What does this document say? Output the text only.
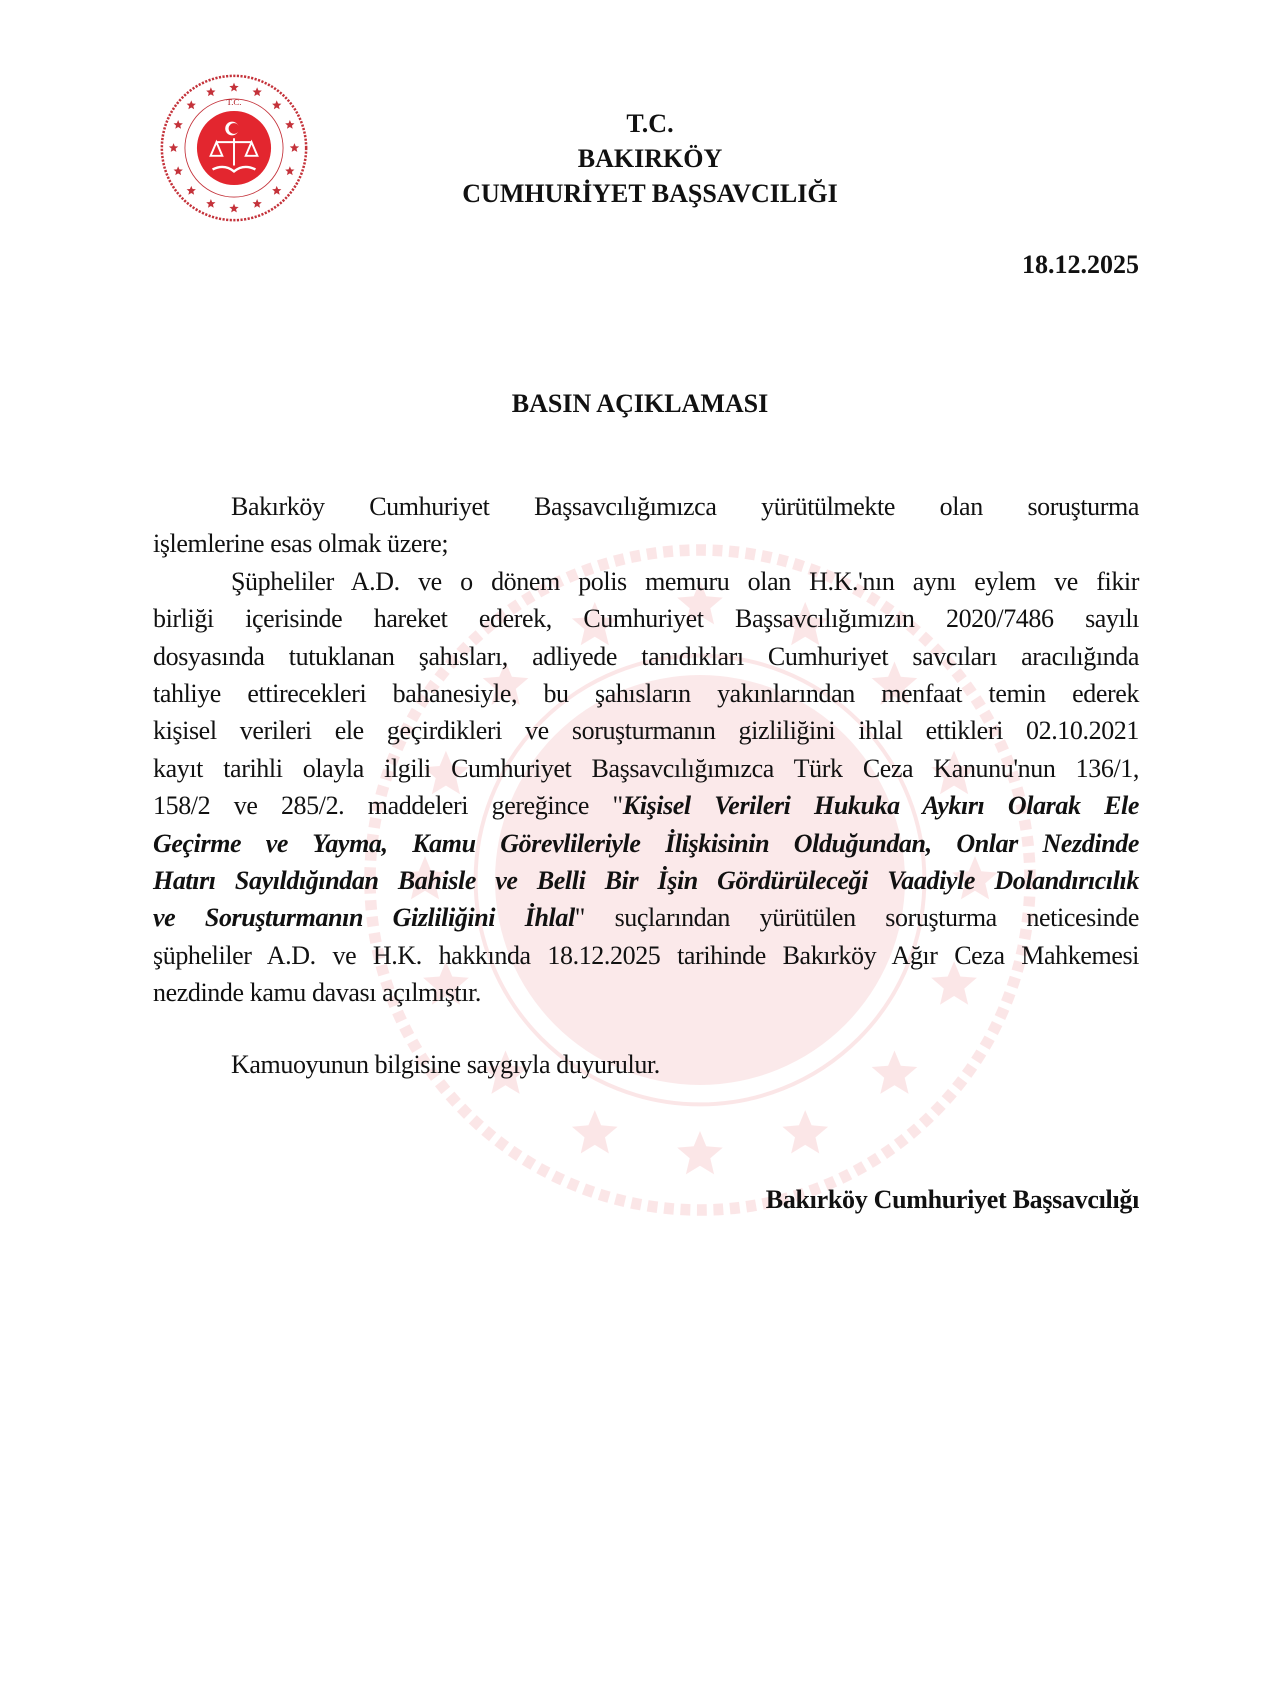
T.C.
T.C.
BAKIRKÖY
CUMHURİYET BAŞSAVCILIĞI
18.12.2025
BASIN AÇIKLAMASI
Bakırköy Cumhuriyet Başsavcılığımızca yürütülmekte olan soruşturma
işlemlerine esas olmak üzere;
Şüpheliler A.D. ve o dönem polis memuru olan H.K.'nın aynı eylem ve fikir
birliği içerisinde hareket ederek, Cumhuriyet Başsavcılığımızın 2020/7486 sayılı
dosyasında tutuklanan şahısları, adliyede tanıdıkları Cumhuriyet savcıları aracılığında
tahliye ettirecekleri bahanesiyle, bu şahısların yakınlarından menfaat temin ederek
kişisel verileri ele geçirdikleri ve soruşturmanın gizliliğini ihlal ettikleri 02.10.2021
kayıt tarihli olayla ilgili Cumhuriyet Başsavcılığımızca Türk Ceza Kanunu'nun 136/1,
158/2 ve 285/2. maddeleri gereğince "Kişisel Verileri Hukuka Aykırı Olarak Ele
Geçirme ve Yayma, Kamu Görevlileriyle İlişkisinin Olduğundan, Onlar Nezdinde
Hatırı Sayıldığından Bahisle ve Belli Bir İşin Gördürüleceği Vaadiyle Dolandırıcılık
ve Soruşturmanın Gizliliğini İhlal" suçlarından yürütülen soruşturma neticesinde
şüpheliler A.D. ve H.K. hakkında 18.12.2025 tarihinde Bakırköy Ağır Ceza Mahkemesi
nezdinde kamu davası açılmıştır.
Kamuoyunun bilgisine saygıyla duyurulur.
Bakırköy Cumhuriyet Başsavcılığı
